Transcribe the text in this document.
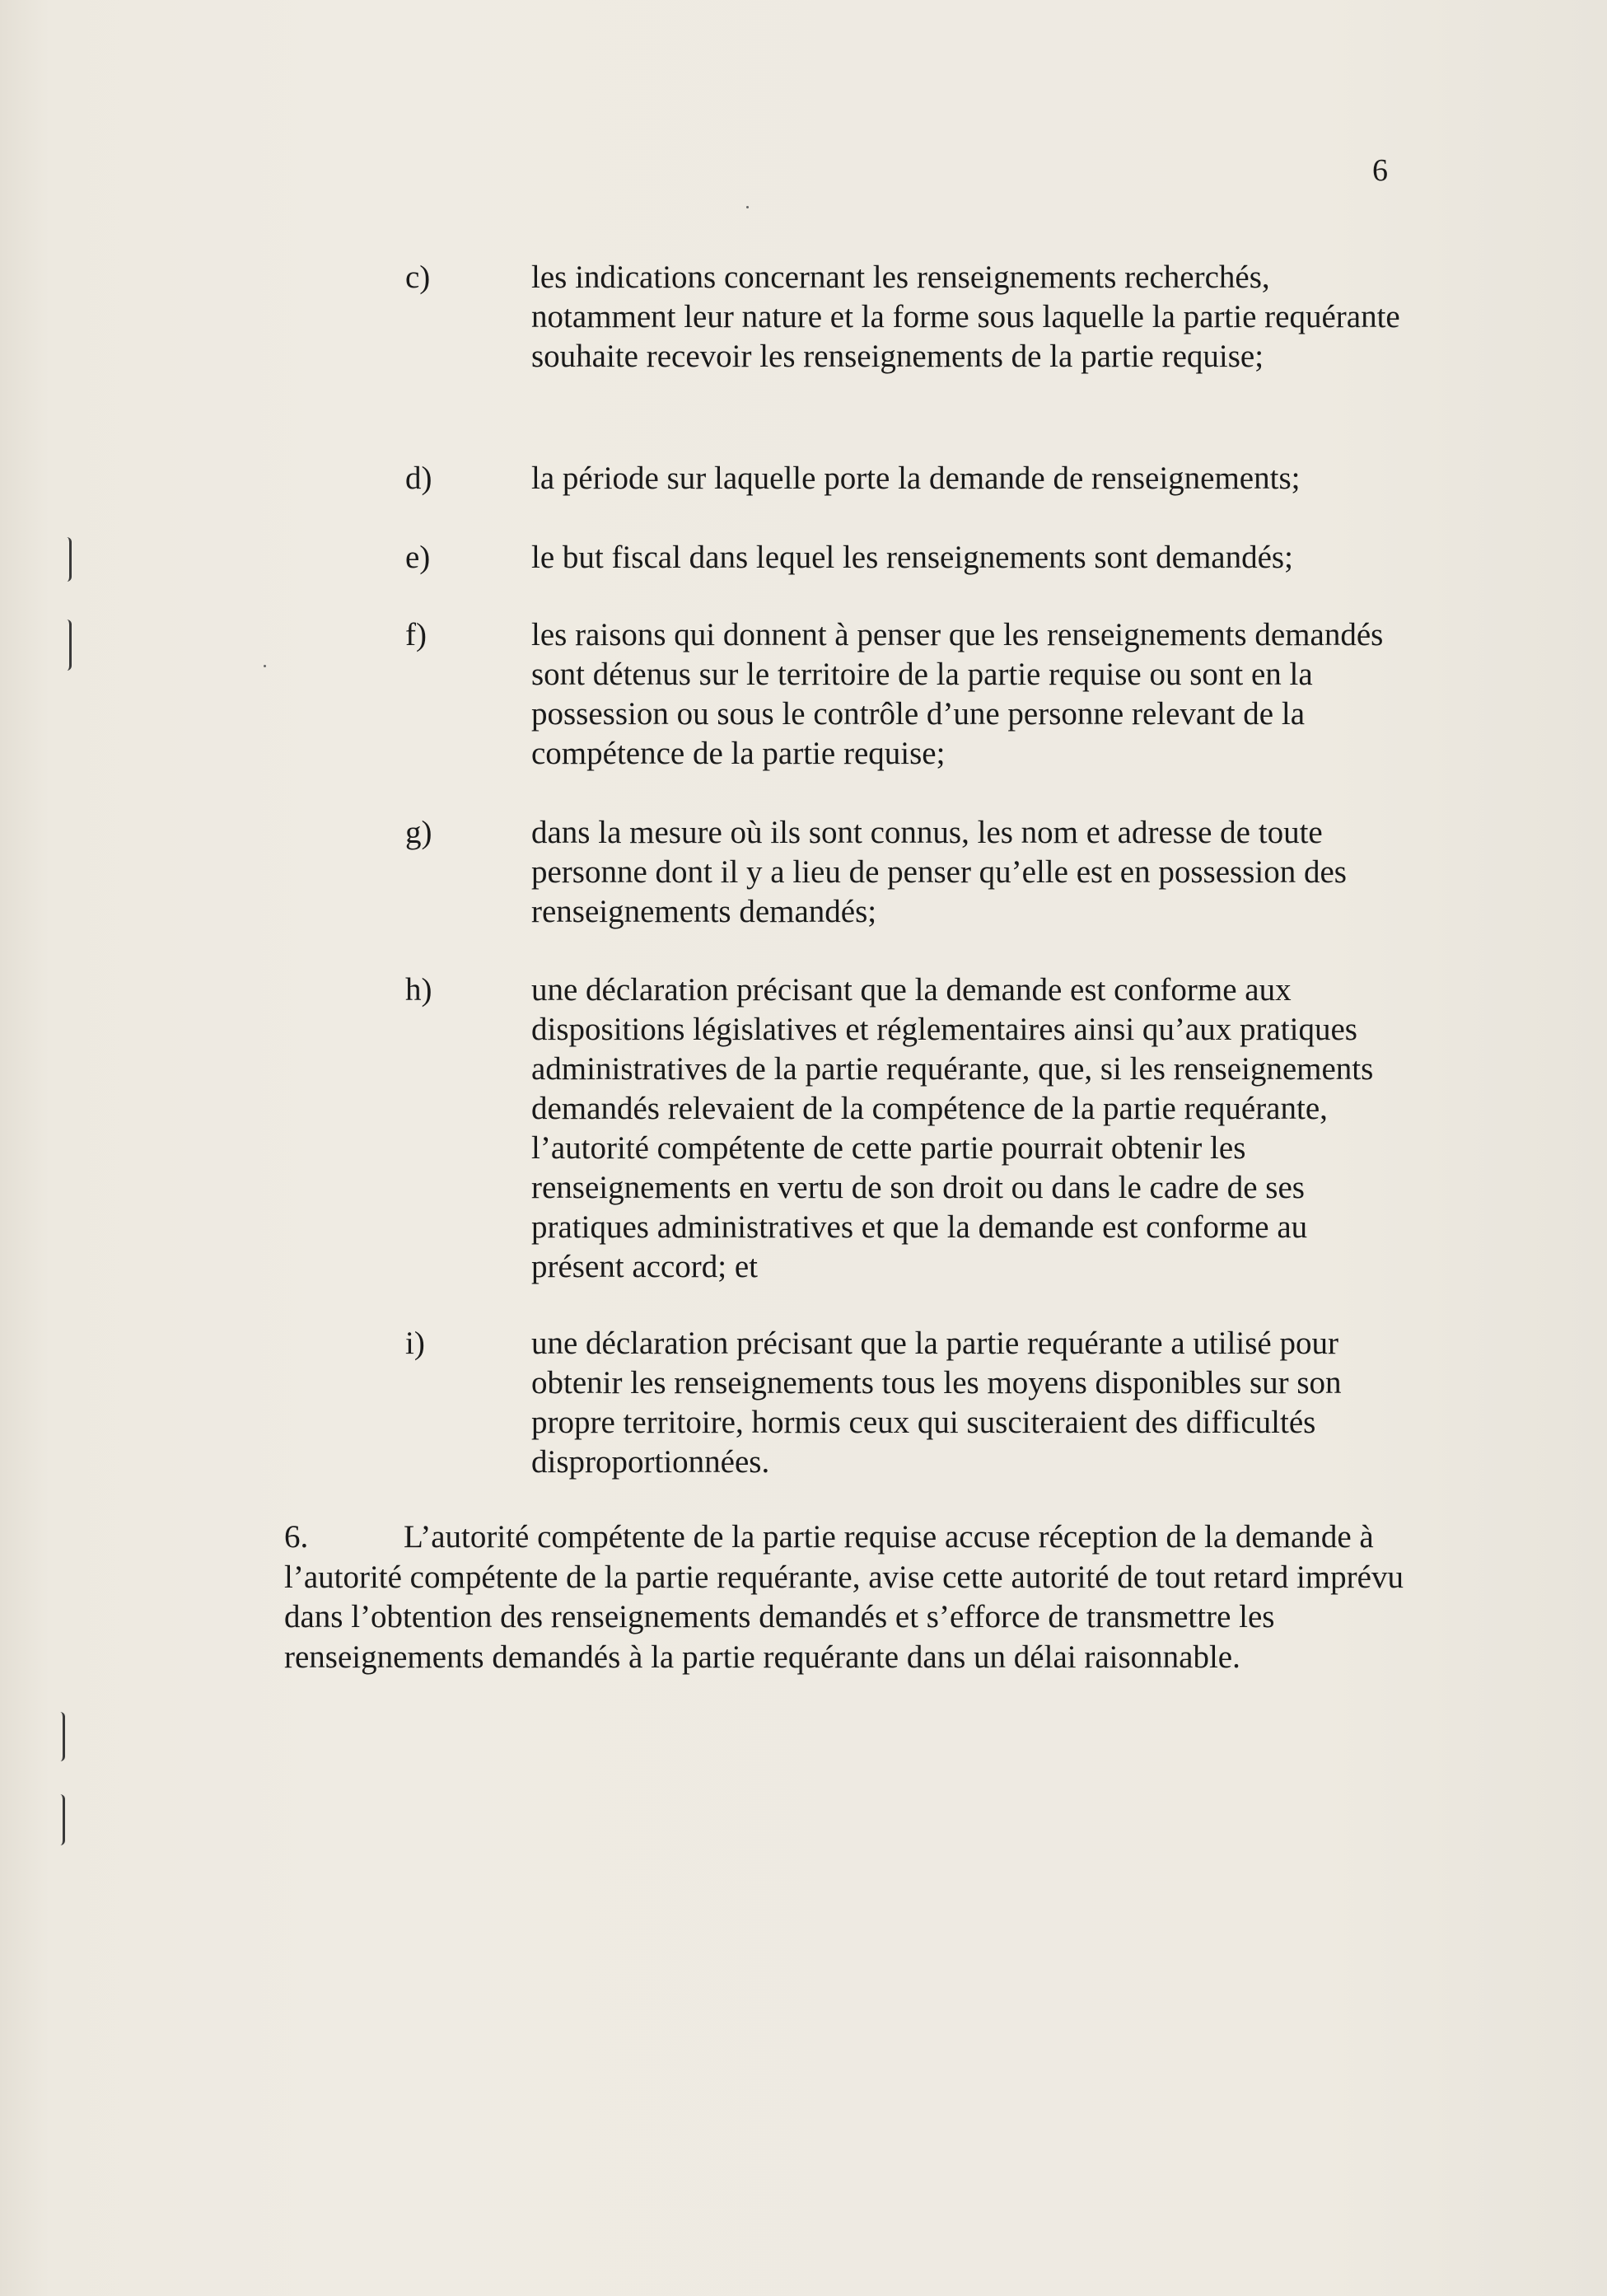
6
c)	les indications concernant les renseignements recherchés, notamment leur nature et la forme sous laquelle la partie requérante souhaite recevoir les renseignements de la partie requise;
d)	la période sur laquelle porte la demande de renseignements;
e)	le but fiscal dans lequel les renseignements sont demandés;
f)	les raisons qui donnent à penser que les renseignements demandés sont détenus sur le territoire de la partie requise ou sont en la possession ou sous le contrôle d’une personne relevant de la compétence de la partie requise;
g)	dans la mesure où ils sont connus, les nom et adresse de toute personne dont il y a lieu de penser qu’elle est en possession des renseignements demandés;
h)	une déclaration précisant que la demande est conforme aux dispositions législatives et réglementaires ainsi qu’aux pratiques administratives de la partie requérante, que, si les renseignements demandés relevaient de la compétence de la partie requérante, l’autorité compétente de cette partie pourrait obtenir les renseignements en vertu de son droit ou dans le cadre de ses pratiques administratives et que la demande est conforme au présent accord; et
i)	une déclaration précisant que la partie requérante a utilisé pour obtenir les renseignements tous les moyens disponibles sur son propre territoire, hormis ceux qui susciteraient des difficultés disproportionnées.
6.	L’autorité compétente de la partie requise accuse réception de la demande à l’autorité compétente de la partie requérante, avise cette autorité de tout retard imprévu dans l’obtention des renseignements demandés et s’efforce de transmettre les renseignements demandés à la partie requérante dans un délai raisonnable.
